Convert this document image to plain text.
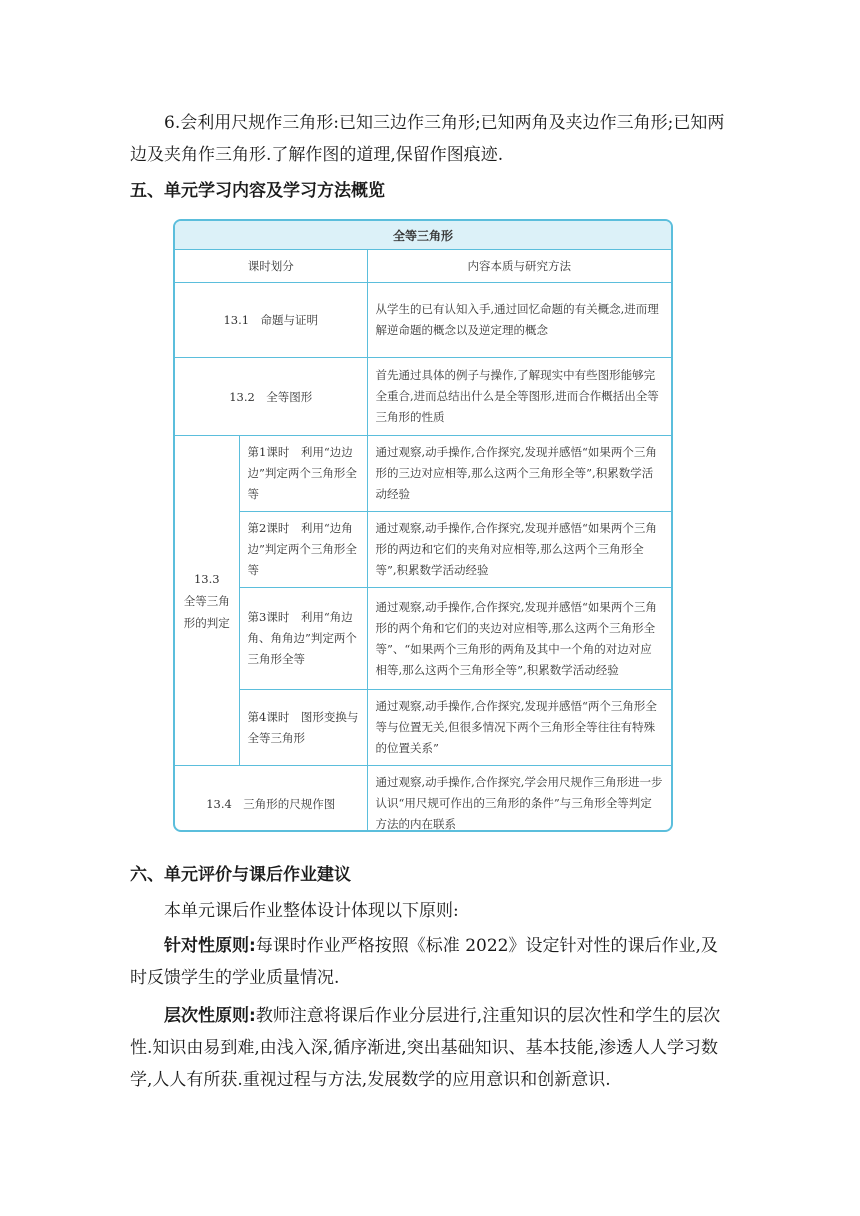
6.会利用尺规作三角形:已知三边作三角形;已知两角及夹边作三角形;已知两边及夹角作三角形.了解作图的道理,保留作图痕迹.

五、单元学习内容及学习方法概览
全等三角形		
课时划分		内容本质与研究方法
13.1　命题与证明		从学生的已有认知入手,通过回忆命题的有关概念,进而理解逆命题的概念以及逆定理的概念
13.2　全等图形		首先通过具体的例子与操作,了解现实中有些图形能够完全重合,进而总结出什么是全等图形,进而合作概括出全等三角形的性质
13.3　全等三角形的判定	第1课时　利用“边边边”判定两个三角形全等	通过观察,动手操作,合作探究,发现并感悟“如果两个三角形的三边对应相等,那么这两个三角形全等”,积累数学活动经验
	第2课时　利用“边角边”判定两个三角形全等	通过观察,动手操作,合作探究,发现并感悟“如果两个三角形的两边和它们的夹角对应相等,那么这两个三角形全等”,积累数学活动经验
	第3课时　利用“角边角、角角边”判定两个三角形全等	通过观察,动手操作,合作探究,发现并感悟“如果两个三角形的两个角和它们的夹边对应相等,那么这两个三角形全等”、“如果两个三角形的两角及其中一个角的对边对应相等,那么这两个三角形全等”,积累数学活动经验
	第4课时　图形变换与全等三角形	通过观察,动手操作,合作探究,发现并感悟“两个三角形全等与位置无关,但很多情况下两个三角形全等往往有特殊的位置关系”
13.4　三角形的尺规作图		通过观察,动手操作,合作探究,学会用尺规作三角形进一步认识“用尺规可作出的三角形的条件”与三角形全等判定方法的内在联系
六、单元评价与课后作业建议

本单元课后作业整体设计体现以下原则:

针对性原则:每课时作业严格按照《标准 2022》设定针对性的课后作业,及时反馈学生的学业质量情况.

层次性原则:教师注意将课后作业分层进行,注重知识的层次性和学生的层次性.知识由易到难,由浅入深,循序渐进,突出基础知识、基本技能,渗透人人学习数学,人人有所获.重视过程与方法,发展数学的应用意识和创新意识.
